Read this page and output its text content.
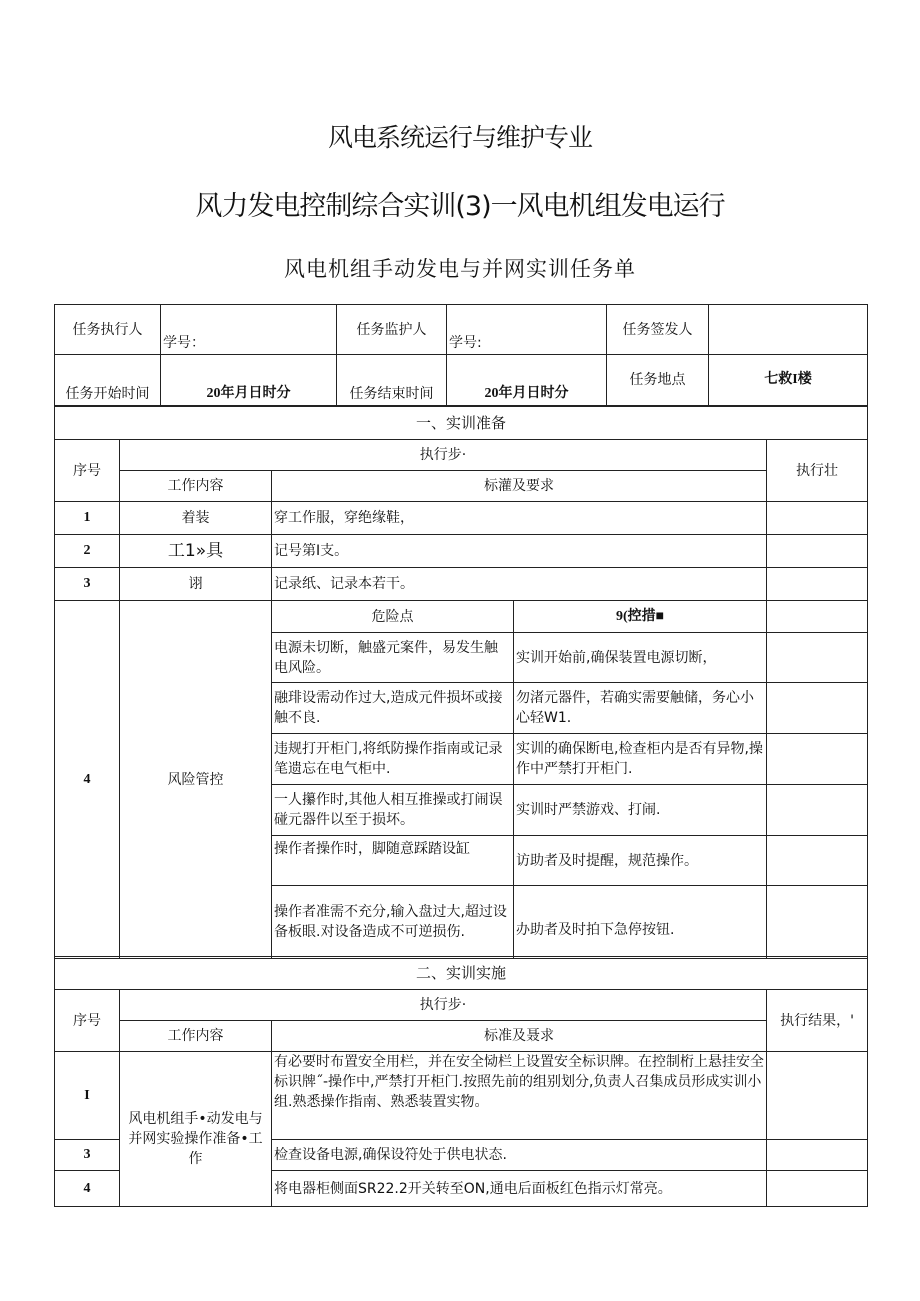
风电系统运行与维护专业
风力发电控制综合实训(3)一风电机组发电运行
风电机组手动发电与并网实训任务单
任务执行人	学号：	任务监护人	学号:	任务签发人	
任务开始时间	20年月日时分	任务结束时间	20年月日时分	任务地点	七救I楼
一、实训准备				
序号	执行步·			执行壮
	工作内容	标灌及要求		
1	着装	穿工作服，穿绝缘鞋，		
2	工1»具	记号第I支。		
3	诩	记录纸、记录本若干。		
4	风险管控	危险点	9(控措■	
		电源未切断，触盛元案件，易发生触电风险。	实训开始前,确保装置电源切断，	
		融琲设需动作过大,造成元件损坏或接触不良.	勿渚元器件，若确实需要触储，务心小心轻W1.	
		违规打开柜门,将纸防操作指南或记录笔遗忘在电气柜中.	实训的确保断电,检查柜内是否有异物,操作中严禁打开柜门.	
		一人攥作时,其他人相互推操或打闹误碰元器件以至于损坏。	实训时严禁游戏、打闹.	
		操作者操作时，脚随意踩踏设缸	访助者及时提醒，规范操作。	
		操作者准需不充分,输入盘过大,超过设备板眼.对设备造成不可逆损伤.	办助者及时拍下急停按钮.	
二、实训实施			
序号	执行步·		执行结果，'
	工作内容	标准及聂求	
I	风电机组手•动发电与并网实验操作准备•工作	有必要时布置安全用栏，并在安全恸栏上设置安全标识牌。在控制桁上悬挂安全标识牌˝-操作中,严禁打开柜门.按照先前的组别划分,负责人召集成员形成实训小组.熟悉操作指南、熟悉装置实物。	
3		检查设备电源,确保设符处于供电状态.	
4		将电器柜侧面SR22.2开关转至ON,通电后面板红色指示灯常亮。	
